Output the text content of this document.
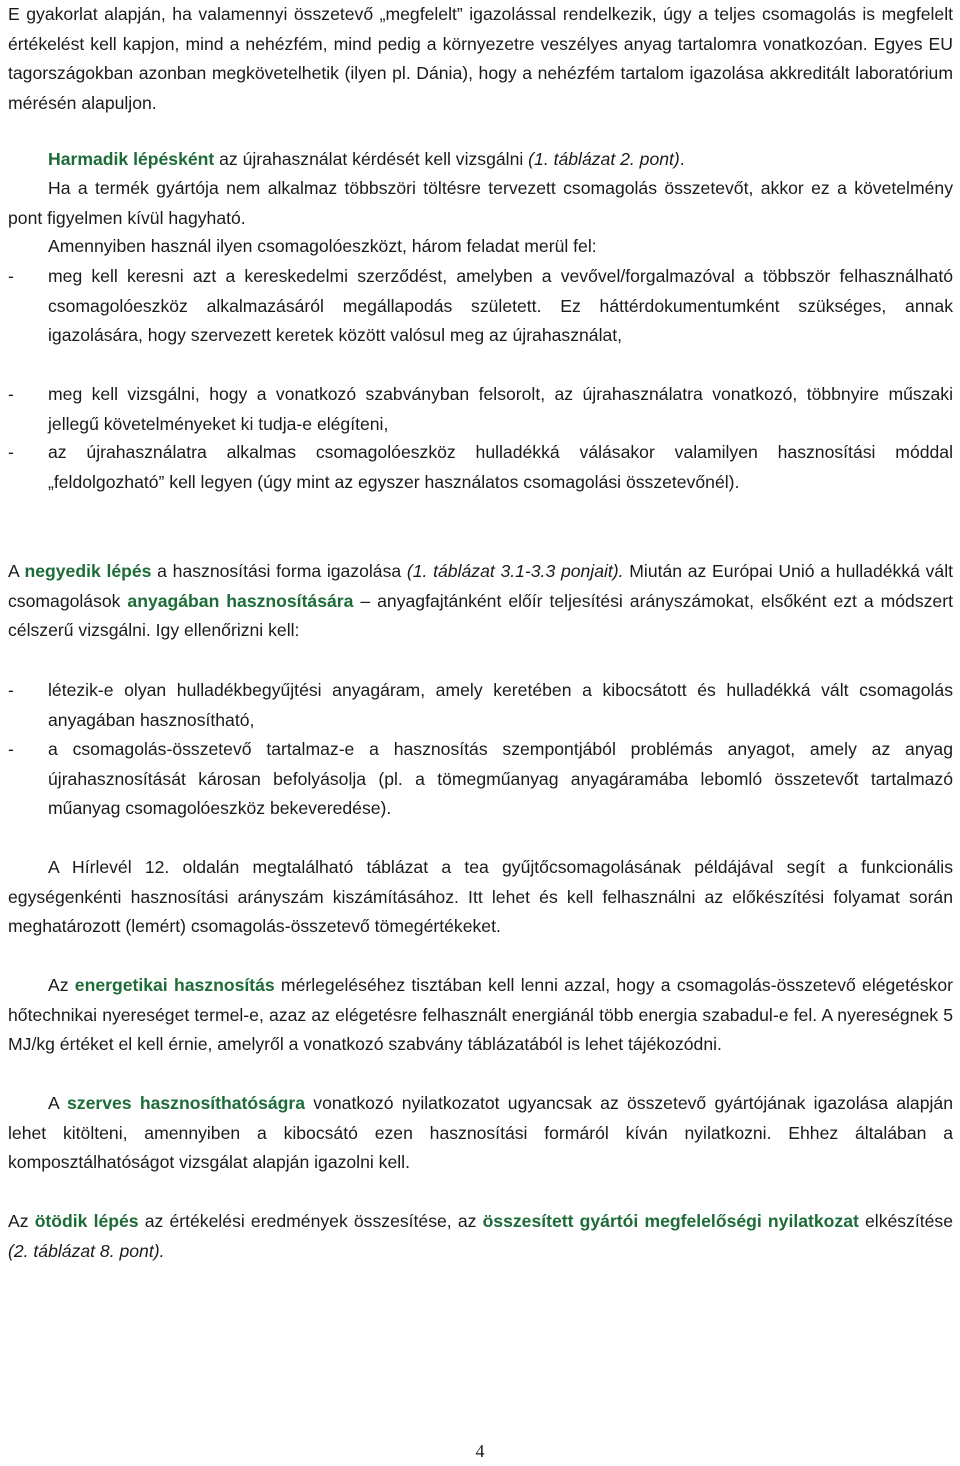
E gyakorlat alapján, ha valamennyi összetevő „megfelelt” igazolással rendelkezik, úgy a teljes csomagolás is megfelelt értékelést kell kapjon, mind a nehézfém, mind pedig a környezetre veszélyes anyag tartalomra vonatkozóan. Egyes EU tagországokban azonban megkövetelhetik (ilyen pl. Dánia), hogy a nehézfém tartalom igazolása akkreditált laboratórium mérésén alapuljon.

Harmadik lépésként az újrahasználat kérdését kell vizsgálni (1. táblázat 2. pont).

Ha a termék gyártója nem alkalmaz többszöri töltésre tervezett csomagolás összetevőt, akkor ez a követelmény pont figyelmen kívül hagyható.

Amennyiben használ ilyen csomagolóeszközt, három feladat merül fel:

-	meg kell keresni azt a kereskedelmi szerződést, amelyben a vevővel/forgalmazóval a többször felhasználható csomagolóeszköz alkalmazásáról megállapodás született. Ez háttérdokumentumként szükséges, annak igazolására, hogy szervezett keretek között valósul meg az újrahasználat,
-	meg kell vizsgálni, hogy a vonatkozó szabványban felsorolt, az újrahasználatra vonatkozó, többnyire műszaki jellegű követelményeket ki tudja-e elégíteni,
-	az újrahasználatra alkalmas csomagolóeszköz hulladékká válásakor valamilyen hasznosítási móddal „feldolgozható” kell legyen (úgy mint az egyszer használatos csomagolási összetevőnél).

A negyedik lépés a hasznosítási forma igazolása (1. táblázat 3.1-3.3 ponjait). Miután az Európai Unió a hulladékká vált csomagolások anyagában hasznosítására – anyagfajtánként előír teljesítési arányszámokat, elsőként ezt a módszert célszerű vizsgálni. Igy ellenőrizni kell:

-	létezik-e olyan hulladékbegyűjtési anyagáram, amely keretében a kibocsátott és hulladékká vált csomagolás anyagában hasznosítható,
-	a csomagolás-összetevő tartalmaz-e a hasznosítás szempontjából problémás anyagot, amely az anyag újrahasznosítását károsan befolyásolja (pl. a tömegműanyag anyagáramába lebomló összetevőt tartalmazó műanyag csomagolóeszköz bekeveredése).

A Hírlevél 12. oldalán megtalálható táblázat a tea gyűjtőcsomagolásának példájával segít a funkcionális egységenkénti hasznosítási arányszám kiszámításához. Itt lehet és kell felhasználni az előkészítési folyamat során meghatározott (lemért) csomagolás-összetevő tömegértékeket.

Az energetikai hasznosítás mérlegeléséhez tisztában kell lenni azzal, hogy a csomagolás-összetevő elégetéskor hőtechnikai nyereséget termel-e, azaz az elégetésre felhasznált energiánál több energia szabadul-e fel. A nyereségnek 5 MJ/kg értéket el kell érnie, amelyről a vonatkozó szabvány táblázatából is lehet tájékozódni.

A szerves hasznosíthatóságra vonatkozó nyilatkozatot ugyancsak az összetevő gyártójának igazolása alapján lehet kitölteni, amennyiben a kibocsátó ezen hasznosítási formáról kíván nyilatkozni. Ehhez általában a komposztálhatóságot vizsgálat alapján igazolni kell.

Az ötödik lépés az értékelési eredmények összesítése, az összesített gyártói megfelelőségi nyilatkozat elkészítése (2. táblázat 8. pont).

4
